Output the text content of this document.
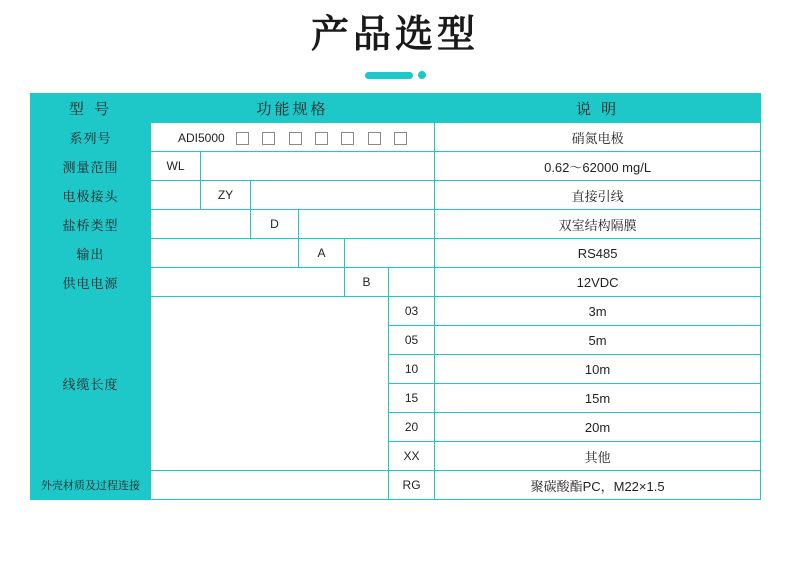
产品选型
型 号	功能规格						说 明
系列号	ADI5000						硝氮电极
测量范围	WL						0.62～62000 mg/L
电极接头		ZY					直接引线
盐桥类型			D				双室结构隔膜
输出				A			RS485
供电电源					B		12VDC
线缆长度						03	3m
						05	5m
						10	10m
						15	15m
						20	20m
						XX	其他
外壳材质及过程连接						RG	聚碳酸酯PC，M22×1.5
